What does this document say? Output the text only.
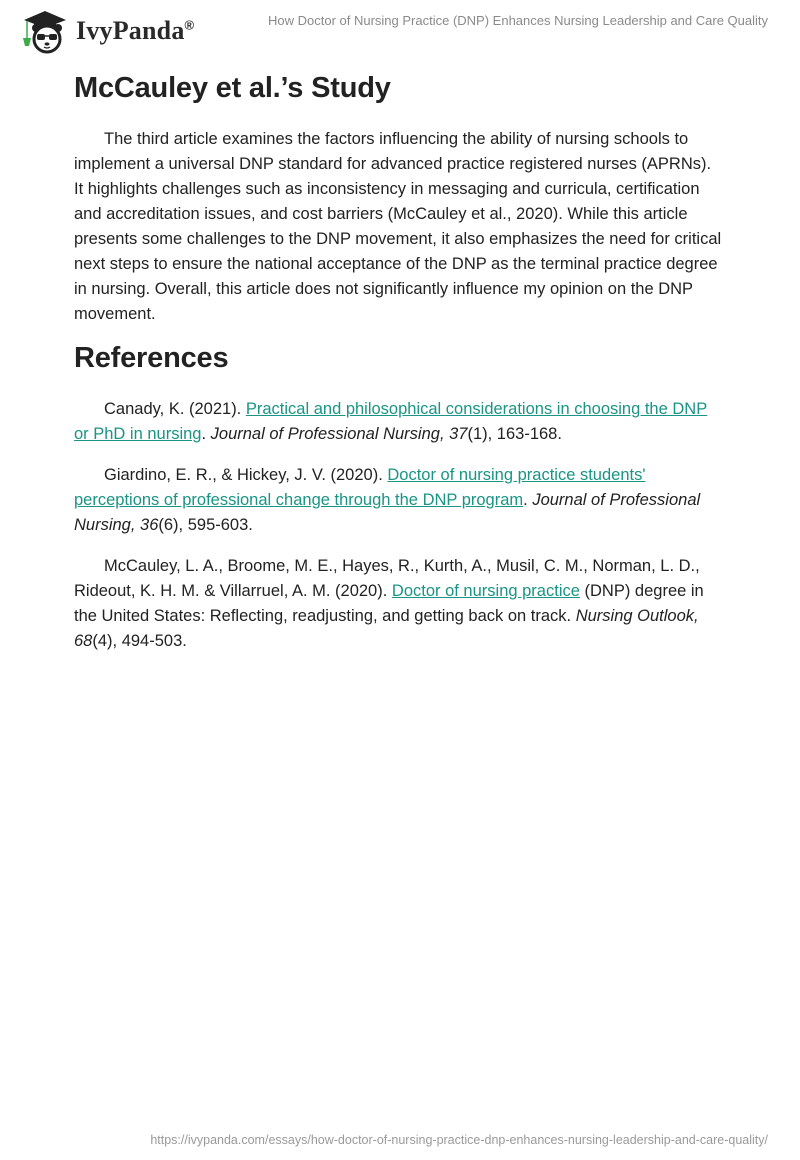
IvyPanda®	How Doctor of Nursing Practice (DNP) Enhances Nursing Leadership and Care Quality
McCauley et al.’s Study

The third article examines the factors influencing the ability of nursing schools to implement a universal DNP standard for advanced practice registered nurses (APRNs). It highlights challenges such as inconsistency in messaging and curricula, certification and accreditation issues, and cost barriers (McCauley et al., 2020). While this article presents some challenges to the DNP movement, it also emphasizes the need for critical next steps to ensure the national acceptance of the DNP as the terminal practice degree in nursing. Overall, this article does not significantly influence my opinion on the DNP movement.

References

Canady, K. (2021). Practical and philosophical considerations in choosing the DNP or PhD in nursing. Journal of Professional Nursing, 37(1), 163-168.

Giardino, E. R., & Hickey, J. V. (2020). Doctor of nursing practice students' perceptions of professional change through the DNP program. Journal of Professional Nursing, 36(6), 595-603.

McCauley, L. A., Broome, M. E., Hayes, R., Kurth, A., Musil, C. M., Norman, L. D., Rideout, K. H. M. & Villarruel, A. M. (2020). Doctor of nursing practice (DNP) degree in the United States: Reflecting, readjusting, and getting back on track. Nursing Outlook, 68(4), 494-503.

https://ivypanda.com/essays/how-doctor-of-nursing-practice-dnp-enhances-nursing-leadership-and-care-quality/
